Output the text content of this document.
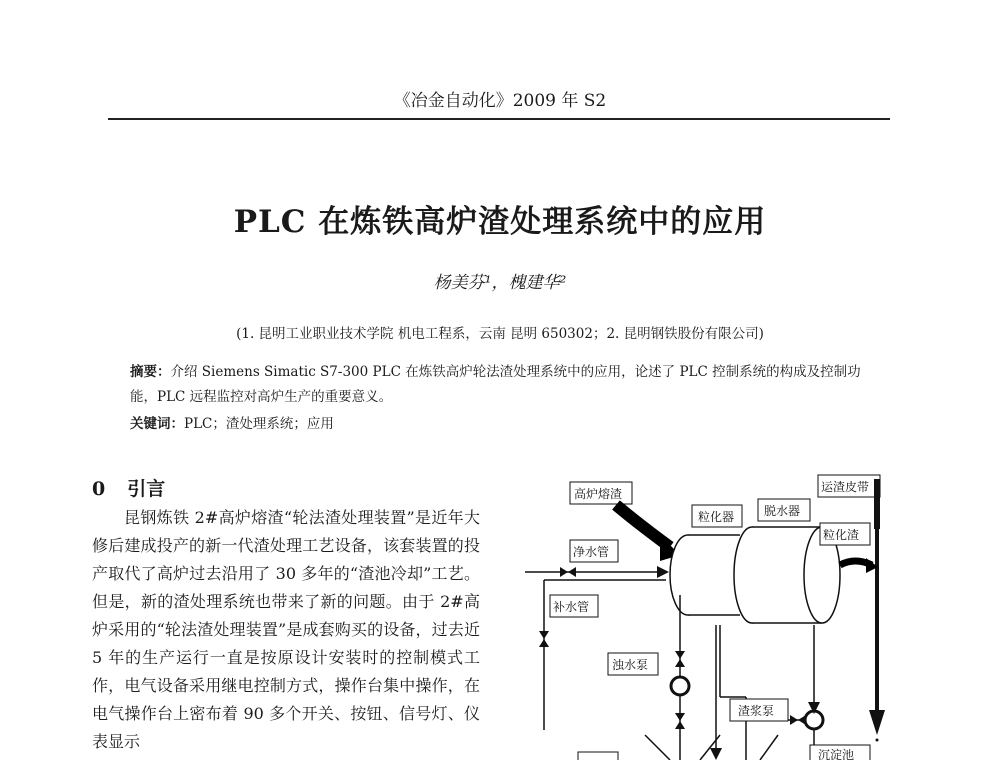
《冶金自动化》2009 年 S2
PLC 在炼铁高炉渣处理系统中的应用
杨美芬¹，槐建华²
(1. 昆明工业职业技术学院 机电工程系，云南 昆明 650302；2. 昆明钢铁股份有限公司)
摘要：介绍 Siemens Simatic S7-300 PLC 在炼铁高炉轮法渣处理系统中的应用，论述了 PLC 控制系统的构成及控制功能，PLC 远程监控对高炉生产的重要意义。
关键词：PLC；渣处理系统；应用
0 引言

昆钢炼铁 2#高炉熔渣“轮法渣处理装置”是近年大修后建成投产的新一代渣处理工艺设备，该套装置的投产取代了高炉过去沿用了 30 多年的“渣池冷却”工艺。但是，新的渣处理系统也带来了新的问题。由于 2#高炉采用的“轮法渣处理装置”是成套购买的设备，过去近 5 年的生产运行一直是按原设计安装时的控制模式工作，电气设备采用继电控制方式，操作台集中操作，在电气操作台上密布着 90 多个开关、按钮、信号灯、仪表显示

高炉熔渣
粒化器 脱水器
运渣皮带
粒化渣
净水管
补水管
浊水泵
渣浆泵
沉淀池
